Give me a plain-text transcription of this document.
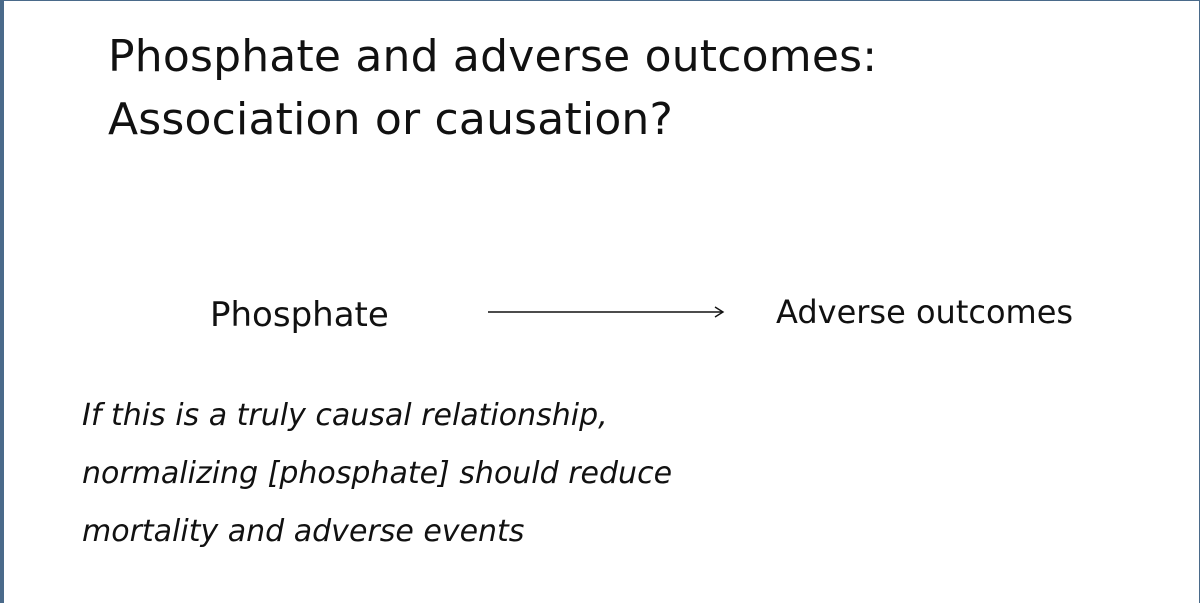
Phosphate and adverse outcomes:
Association or causation?
Phosphate	Adverse outcomes

If this is a truly causal relationship,
normalizing [phosphate] should reduce
mortality and adverse events
